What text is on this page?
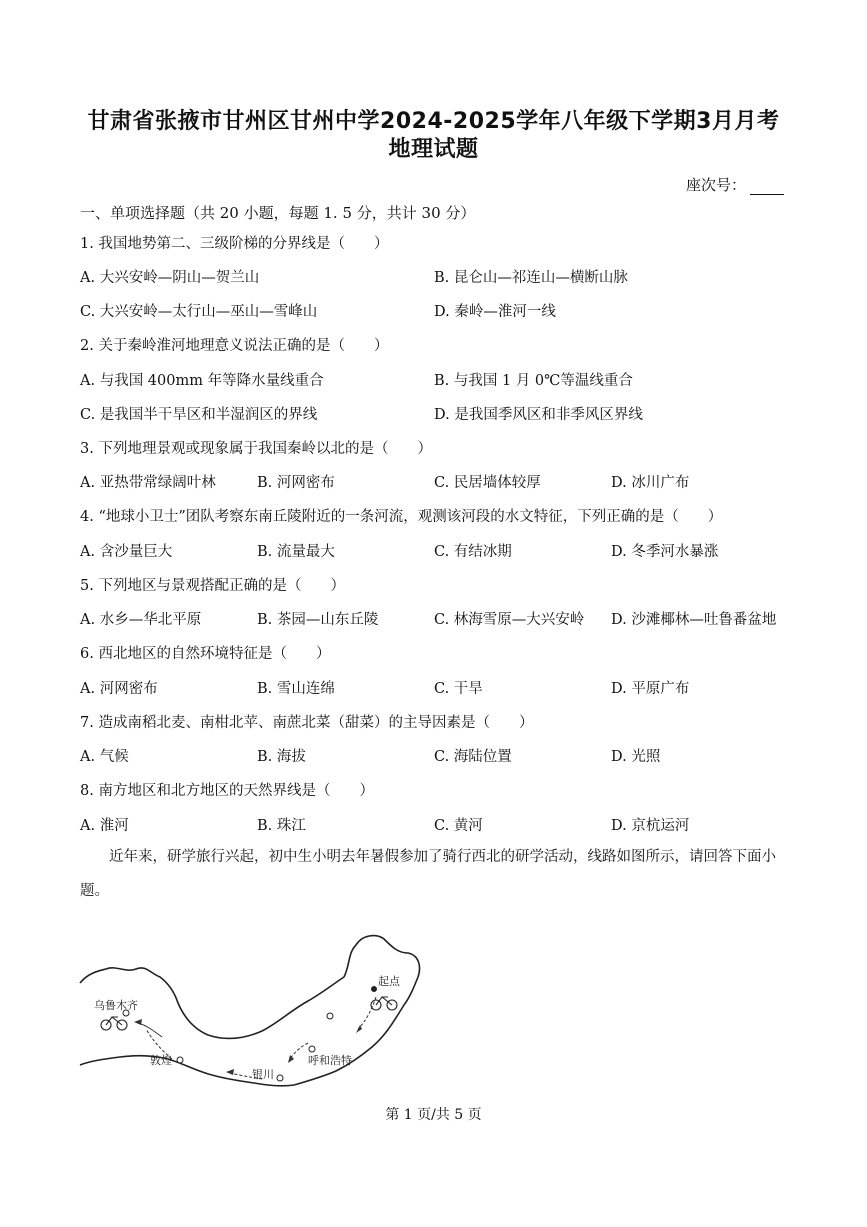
甘肃省张掖市甘州区甘州中学2024-2025学年八年级下学期3月月考
地理试题
座次号：
一、单项选择题（共 20 小题，每题 1. 5 分，共计 30 分）
1. 我国地势第二、三级阶梯的分界线是（　　）
A. 大兴安岭—阴山—贺兰山	B. 昆仑山—祁连山—横断山脉
C. 大兴安岭—太行山—巫山—雪峰山	D. 秦岭—淮河一线
2. 关于秦岭淮河地理意义说法正确的是（　　）
A. 与我国 400mm 年等降水量线重合	B. 与我国 1 月 0℃等温线重合
C. 是我国半干旱区和半湿润区的界线	D. 是我国季风区和非季风区界线
3. 下列地理景观或现象属于我国秦岭以北的是（　　）
A. 亚热带常绿阔叶林	B. 河网密布	C. 民居墙体较厚	D. 冰川广布
4. “地球小卫士”团队考察东南丘陵附近的一条河流，观测该河段的水文特征，下列正确的是（　　）
A. 含沙量巨大	B. 流量最大	C. 有结冰期	D. 冬季河水暴涨
5. 下列地区与景观搭配正确的是（　　）
A. 水乡—华北平原	B. 茶园—山东丘陵	C. 林海雪原—大兴安岭 D. 沙滩椰林—吐鲁番盆地
6. 西北地区的自然环境特征是（　　）
A. 河网密布	B. 雪山连绵	C. 干旱	D. 平原广布
7. 造成南稻北麦、南柑北苹、南蔗北菜（甜菜）的主导因素是（　　）
A. 气候	B. 海拔	C. 海陆位置	D. 光照
8. 南方地区和北方地区的天然界线是（　　）
A. 淮河	B. 珠江	C. 黄河	D. 京杭运河
近年来，研学旅行兴起，初中生小明去年暑假参加了骑行西北的研学活动，线路如图所示，请回答下面小题。
起点
乌鲁木齐
敦煌
银川
呼和浩特
第 1 页/共 5 页
